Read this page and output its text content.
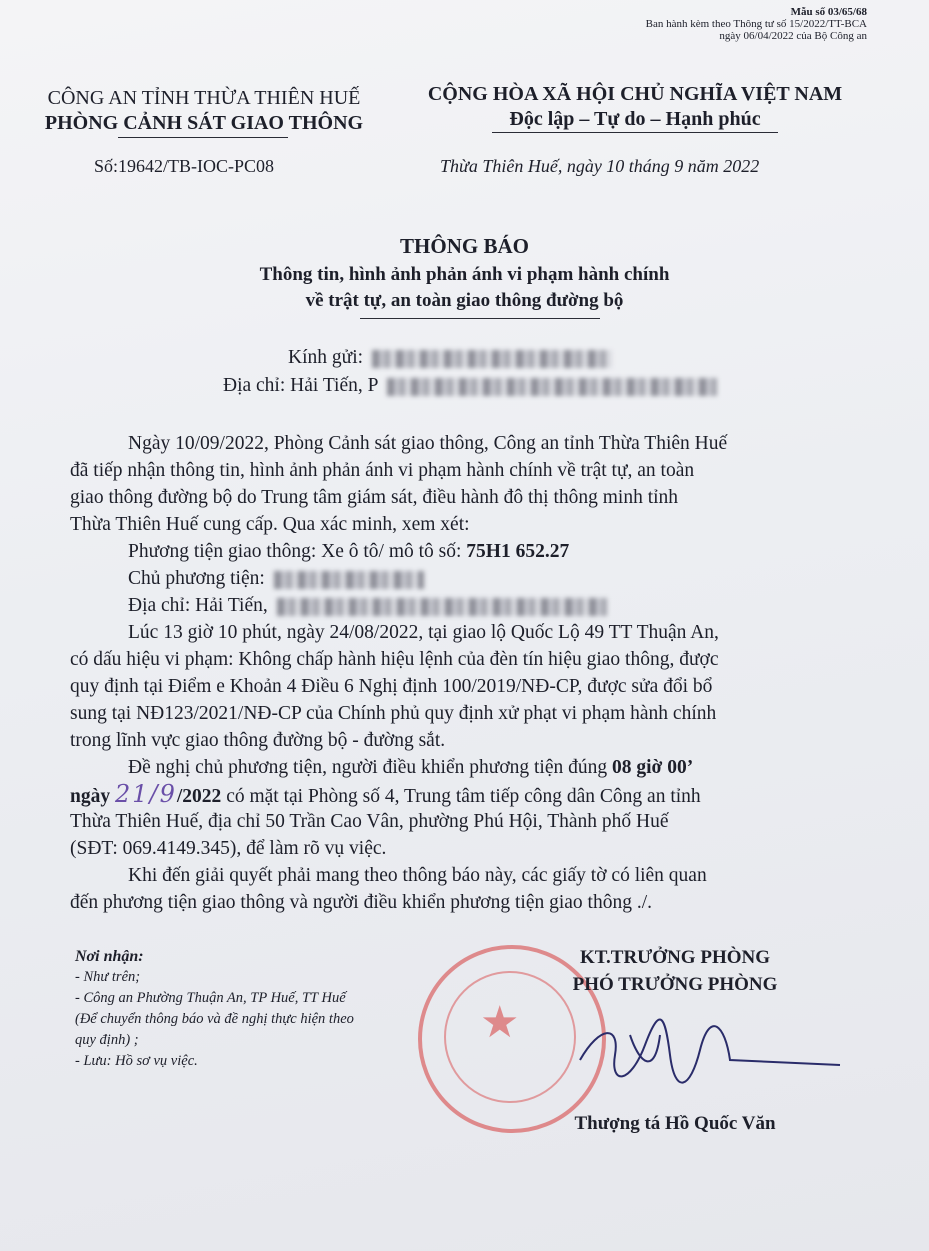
Mẫu số 03/65/68
Ban hành kèm theo Thông tư số 15/2022/TT-BCA
ngày 06/04/2022 của Bộ Công an
CÔNG AN TỈNH THỪA THIÊN HUẾ
PHÒNG CẢNH SÁT GIAO THÔNG
CỘNG HÒA XÃ HỘI CHỦ NGHĨA VIỆT NAM
Độc lập – Tự do – Hạnh phúc
Số:19642/TB-IOC-PC08	Thừa Thiên Huế, ngày 10 tháng 9 năm 2022
THÔNG BÁO
Thông tin, hình ảnh phản ánh vi phạm hành chính
về trật tự, an toàn giao thông đường bộ
Kính gửi:
Địa chỉ: Hải Tiến, P
Ngày 10/09/2022, Phòng Cảnh sát giao thông, Công an tỉnh Thừa Thiên Huế
đã tiếp nhận thông tin, hình ảnh phản ánh vi phạm hành chính về trật tự, an toàn
giao thông đường bộ do Trung tâm giám sát, điều hành đô thị thông minh tỉnh
Thừa Thiên Huế cung cấp. Qua xác minh, xem xét:
Phương tiện giao thông: Xe ô tô/ mô tô số: 75H1 652.27
Chủ phương tiện:
Địa chỉ: Hải Tiến,
Lúc 13 giờ 10 phút, ngày 24/08/2022, tại giao lộ Quốc Lộ 49 TT Thuận An,
có dấu hiệu vi phạm: Không chấp hành hiệu lệnh của đèn tín hiệu giao thông, được
quy định tại Điểm e Khoản 4 Điều 6 Nghị định 100/2019/NĐ-CP, được sửa đổi bổ
sung tại NĐ123/2021/NĐ-CP của Chính phủ quy định xử phạt vi phạm hành chính
trong lĩnh vực giao thông đường bộ - đường sắt.
Đề nghị chủ phương tiện, người điều khiển phương tiện đúng 08 giờ 00’
ngày 21/9/2022 có mặt tại Phòng số 4, Trung tâm tiếp công dân Công an tỉnh
Thừa Thiên Huế, địa chỉ 50 Trần Cao Vân, phường Phú Hội, Thành phố Huế
(SĐT: 069.4149.345), để làm rõ vụ việc.
Khi đến giải quyết phải mang theo thông báo này, các giấy tờ có liên quan
đến phương tiện giao thông và người điều khiển phương tiện giao thông ./.
★
Nơi nhận:
- Như trên;
- Công an Phường Thuận An, TP Huế, TT Huế
(Để chuyển thông báo và đề nghị thực hiện theo
quy định) ;
- Lưu: Hồ sơ vụ việc.
KT.TRƯỞNG PHÒNG
PHÓ TRƯỞNG PHÒNG
Thượng tá Hồ Quốc Văn
